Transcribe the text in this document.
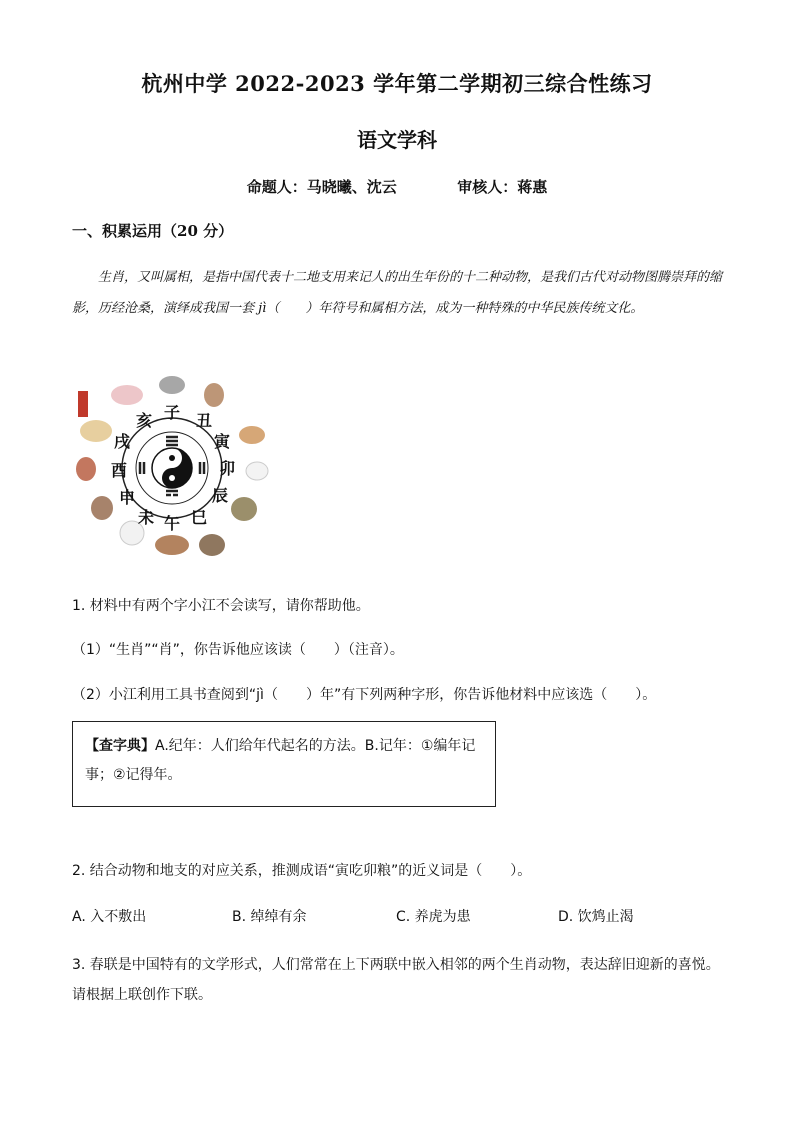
杭州中学 2022-2023 学年第二学期初三综合性练习
语文学科
命题人：马晓曦、沈云	审核人：蒋惠
一、积累运用（20 分）
生肖，又叫属相，是指中国代表十二地支用来记人的出生年份的十二种动物，是我们古代对动物图腾崇拜的缩影，历经沧桑，演绎成我国一套 jì（　　）年符号和属相方法，成为一种特殊的中华民族传统文化。
子 丑
寅
卯
辰
巳
午
未
申
酉
戌
亥
1. 材料中有两个字小江不会读写，请你帮助他。
（1）“生肖”“肖”，你告诉他应该读（　　）（注音）。
（2）小江利用工具书查阅到“jì（　　）年”有下列两种字形，你告诉他材料中应该选（　　）。
【查字典】A.纪年：人们给年代起名的方法。B.记年：①编年记事；②记得年。
2. 结合动物和地支的对应关系，推测成语“寅吃卯粮”的近义词是（　　）。
A. 入不敷出	B. 绰绰有余	C. 养虎为患	D. 饮鸩止渴
3. 春联是中国特有的文学形式，人们常常在上下两联中嵌入相邻的两个生肖动物，表达辞旧迎新的喜悦。请根据上联创作下联。
